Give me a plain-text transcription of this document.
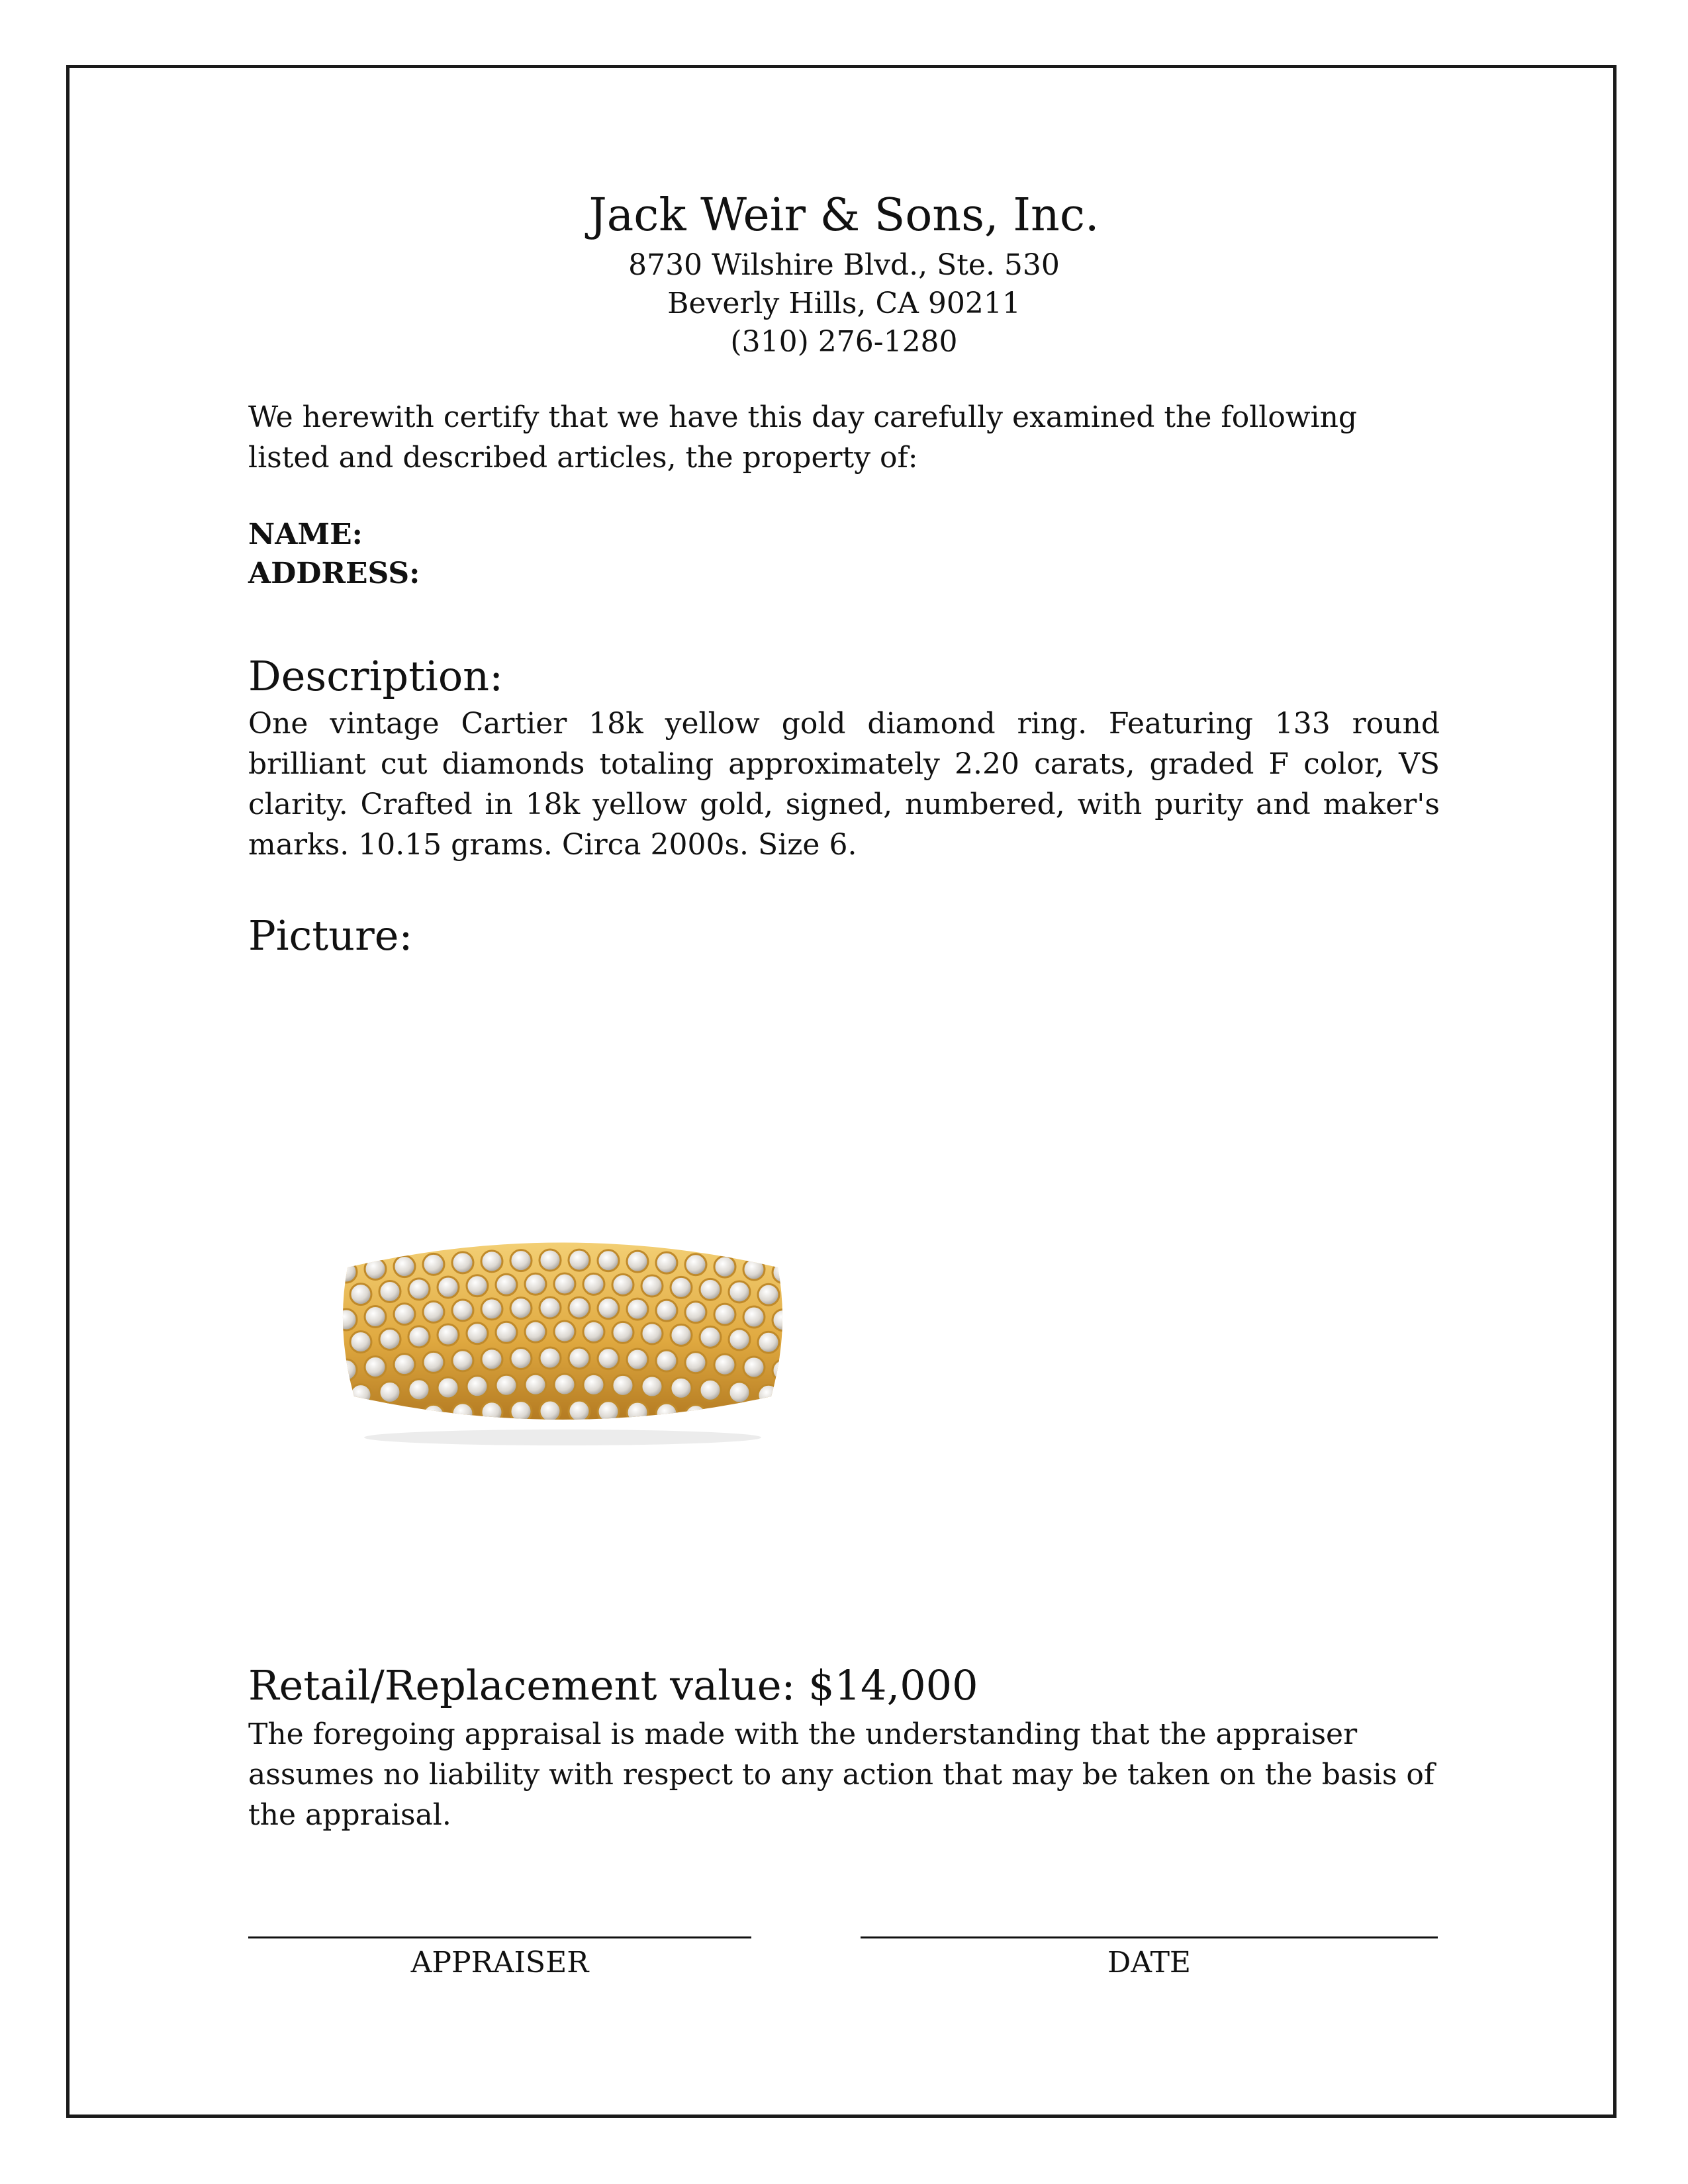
Jack Weir & Sons, Inc.
8730 Wilshire Blvd., Ste. 530
Beverly Hills, CA 90211
(310) 276-1280
We herewith certify that we have this day carefully examined the following listed and described articles, the property of:
NAME:
ADDRESS:
Description:
One vintage Cartier 18k yellow gold diamond ring. Featuring 133 round brilliant cut diamonds totaling approximately 2.20 carats, graded F color, VS clarity. Crafted in 18k yellow gold, signed, numbered, with purity and maker's marks. 10.15 grams. Circa 2000s. Size 6.
Picture:
Retail/Replacement value: $14,000
The foregoing appraisal is made with the understanding that the appraiser assumes no liability with respect to any action that may be taken on the basis of the appraisal.
APPRAISER	DATE
